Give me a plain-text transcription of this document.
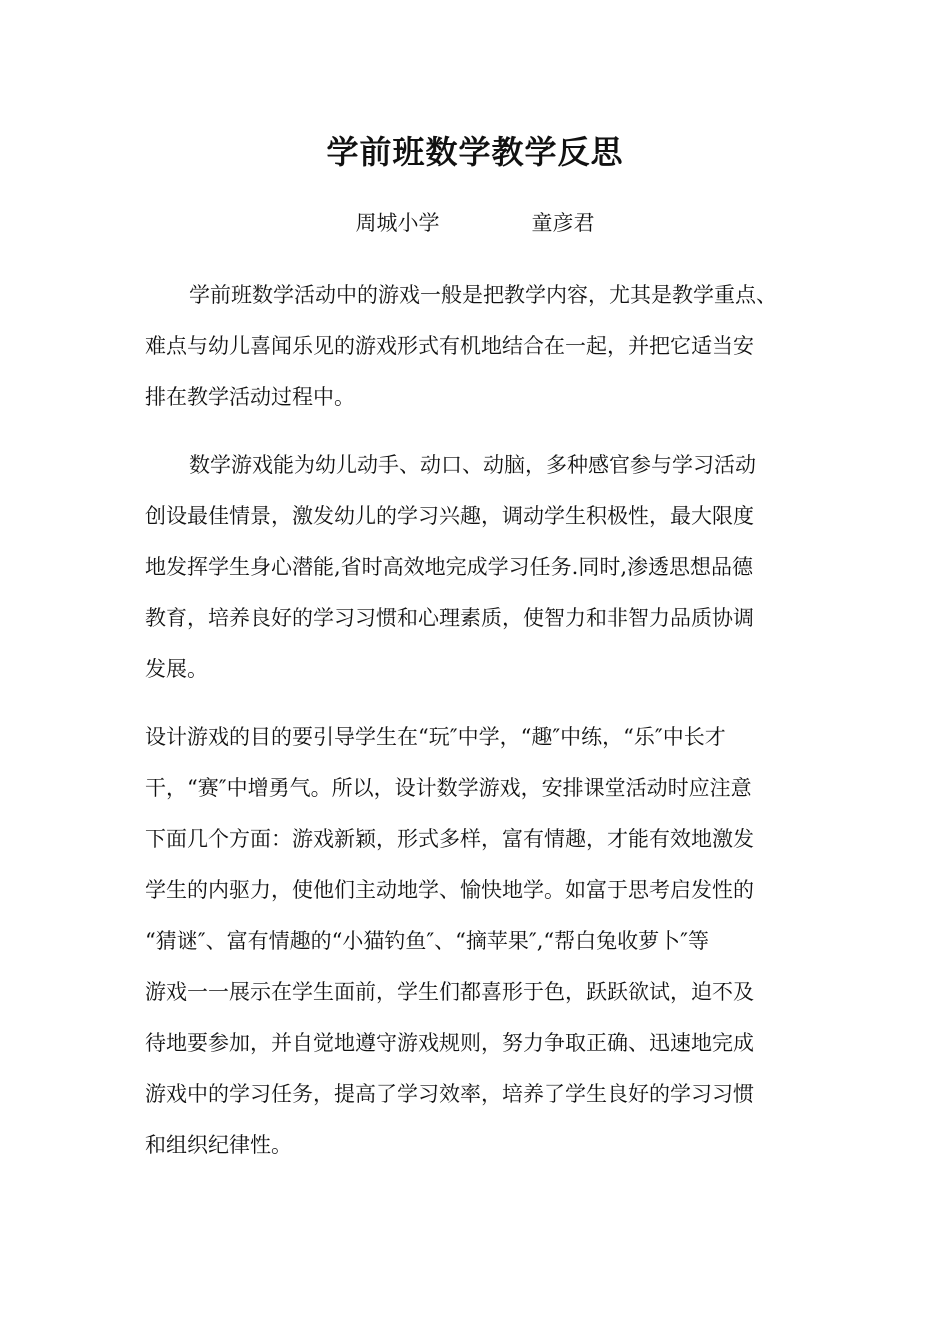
学前班数学教学反思
周城小学	童彦君

学前班数学活动中的游戏一般是把教学内容，尤其是教学重点、
难点与幼儿喜闻乐见的游戏形式有机地结合在一起，并把它适当安
排在教学活动过程中。

数学游戏能为幼儿动手、动口、动脑，多种感官参与学习活动
创设最佳情景，激发幼儿的学习兴趣，调动学生积极性，最大限度
地发挥学生身心潜能,省时高效地完成学习任务.同时,渗透思想品德
教育，培养良好的学习习惯和心理素质，使智力和非智力品质协调
发展。

设计游戏的目的要引导学生在“玩″中学，“趣″中练，“乐″中长才
干，“赛″中增勇气。所以，设计数学游戏，安排课堂活动时应注意
下面几个方面：游戏新颖，形式多样，富有情趣，才能有效地激发
学生的内驱力，使他们主动地学、愉快地学。如富于思考启发性的
“猜谜″、富有情趣的“小猫钓鱼″、“摘苹果″,“帮白兔收萝卜″等
游戏一一展示在学生面前，学生们都喜形于色，跃跃欲试，迫不及
待地要参加，并自觉地遵守游戏规则，努力争取正确、迅速地完成
游戏中的学习任务，提高了学习效率，培养了学生良好的学习习惯
和组织纪律性。
